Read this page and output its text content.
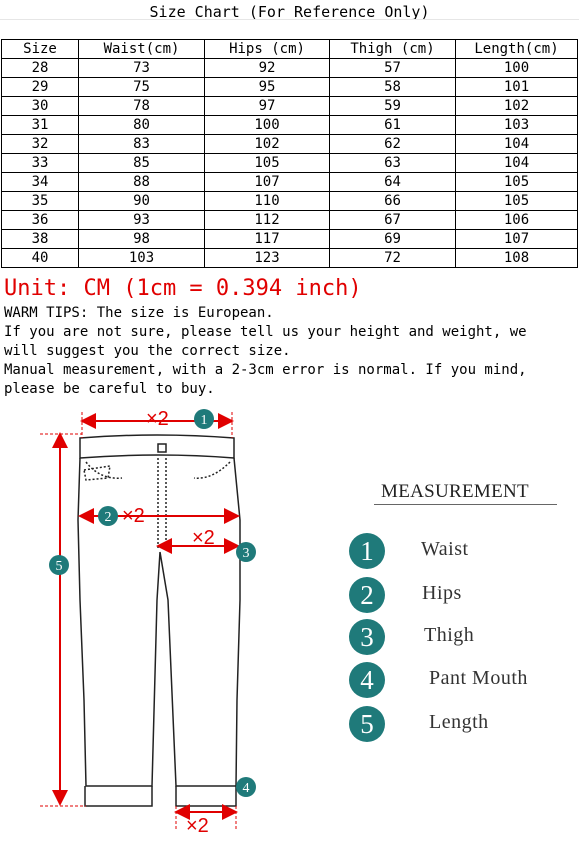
Size Chart (For Reference Only)
Size	Waist(cm)	Hips (cm)	Thigh (cm)	Length(cm)
28	73	92	57	100
29	75	95	58	101
30	78	97	59	102
31	80	100	61	103
32	83	102	62	104
33	85	105	63	104
34	88	107	64	105
35	90	110	66	105
36	93	112	67	106
38	98	117	69	107
40	103	123	72	108
Unit: CM (1cm = 0.394 inch)
WARM TIPS: The size is European.
If you are not sure, please tell us your height and weight, we
will suggest you the correct size.
Manual measurement, with a 2-3cm error is normal. If you mind,
please be careful to buy.
×2
×2
×2
×2
1
2
3
4
5
MEASUREMENT
1	Waist
2	Hips
3	Thigh
4	Pant Mouth
5	Length
